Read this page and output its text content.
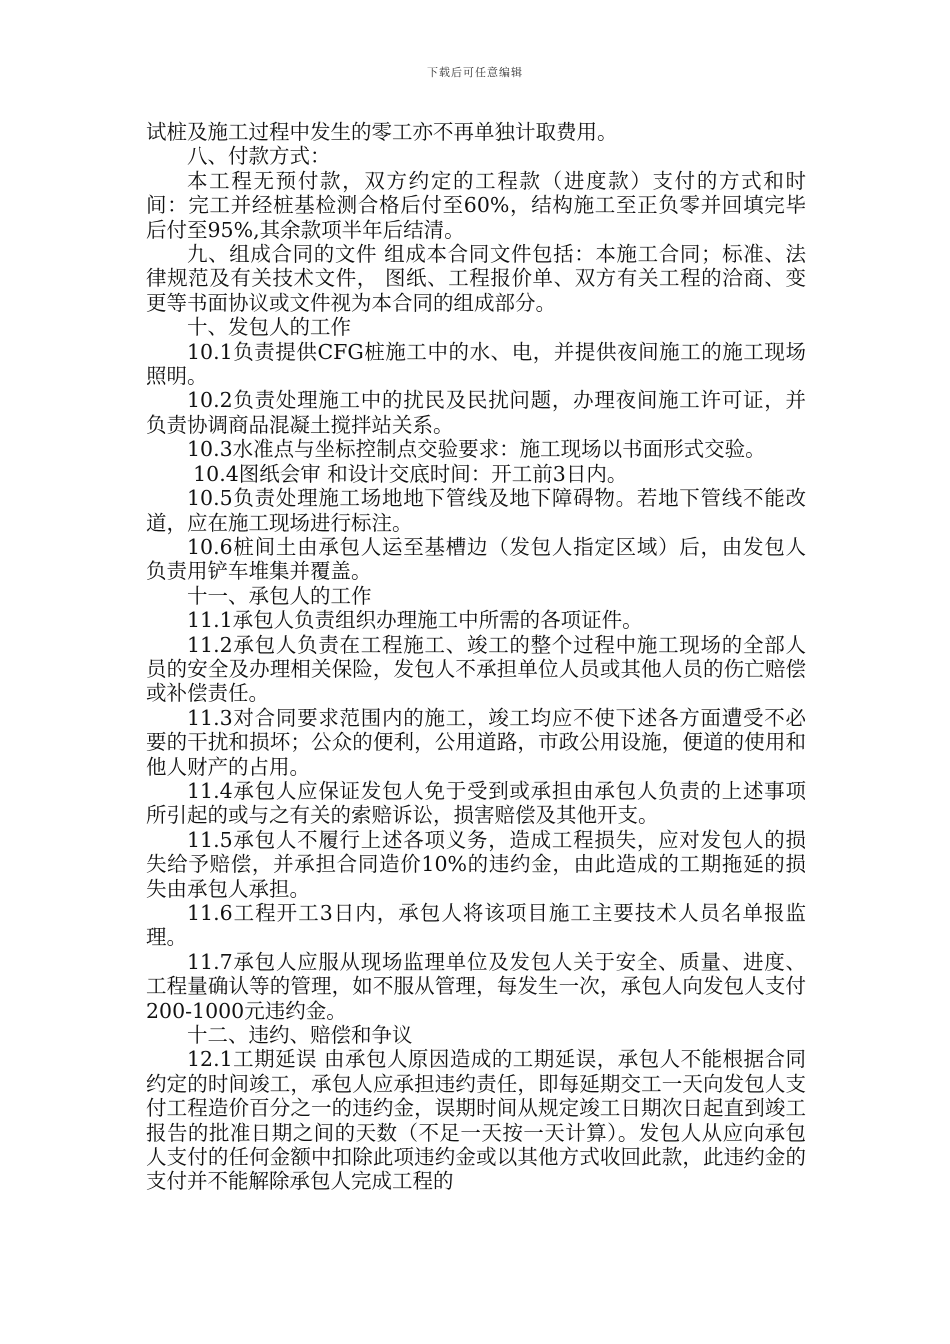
下载后可任意编辑

试桩及施工过程中发生的零工亦不再单独计取费用。

八、付款方式：

本工程无预付款，双方约定的工程款（进度款）支付的方式和时 间：完工并经桩基检测合格后付至60%，结构施工至正负零并回填完毕后付至95%,其余款项半年后结清。

九、组成合同的文件 组成本合同文件包括：本施工合同；标准、法律规范及有关技术文件， 图纸、工程报价单、双方有关工程的洽商、变更等书面协议或文件视为本合同的组成部分。

十、发包人的工作

10.1负责提供CFG桩施工中的水、电，并提供夜间施工的施工现场照明。

10.2负责处理施工中的扰民及民扰问题，办理夜间施工许可证，并负责协调商品混凝土搅拌站关系。

10.3水准点与坐标控制点交验要求：施工现场以书面形式交验。

10.4图纸会审 和设计交底时间：开工前3日内。

10.5负责处理施工场地地下管线及地下障碍物。若地下管线不能改道，应在施工现场进行标注。

10.6桩间土由承包人运至基槽边（发包人指定区域）后，由发包人负责用铲车堆集并覆盖。

十一、承包人的工作

11.1承包人负责组织办理施工中所需的各项证件。

11.2承包人负责在工程施工、竣工的整个过程中施工现场的全部人员的安全及办理相关保险，发包人不承担单位人员或其他人员的伤亡赔偿或补偿责任。

11.3对合同要求范围内的施工，竣工均应不使下述各方面遭受不必要的干扰和损坏；公众的便利，公用道路，市政公用设施，便道的使用和他人财产的占用。

11.4承包人应保证发包人免于受到或承担由承包人负责的上述事项所引起的或与之有关的索赔诉讼，损害赔偿及其他开支。

11.5承包人不履行上述各项义务，造成工程损失，应对发包人的损失给予赔偿，并承担合同造价10%的违约金，由此造成的工期拖延的损失由承包人承担。

11.6工程开工3日内，承包人将该项目施工主要技术人员名单报监理。

11.7承包人应服从现场监理单位及发包人关于安全、质量、进度、工程量确认等的管理，如不服从管理，每发生一次，承包人向发包人支付200-1000元违约金。

十二、违约、赔偿和争议

12.1工期延误 由承包人原因造成的工期延误，承包人不能根据合同约定的时间竣工，承包人应承担违约责任，即每延期交工一天向发包人支付工程造价百分之一的违约金，误期时间从规定竣工日期次日起直到竣工报告的批准日期之间的天数（不足一天按一天计算）。发包人从应向承包人支付的任何金额中扣除此项违约金或以其他方式收回此款，此违约金的支付并不能解除承包人完成工程的
